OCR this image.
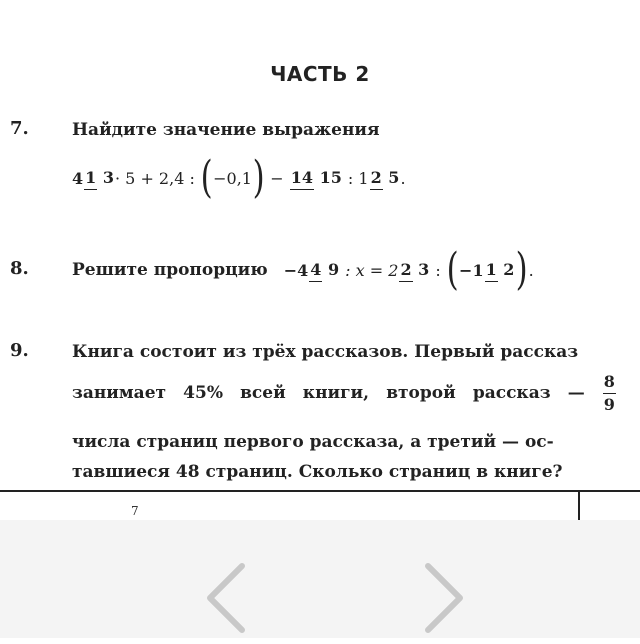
ЧАСТЬ 2
7.	Найдите значение выражения
4 1 3 · 5 + 2,4 : ( −0,1 ) − 14 15 : 1 2 5 .
8.	Решите пропорцию −4 4 9 : x = 2 2 3 : ( −1 1 2 ) .
9.	Книга состоит из трёх рассказов. Первый рассказ
занимает 45% всей книги, второй рассказ — $\frac{8}{9}$
числа страниц первого рассказа, а третий — ос-
тавшиеся 48 страниц. Сколько страниц в книге?
7
